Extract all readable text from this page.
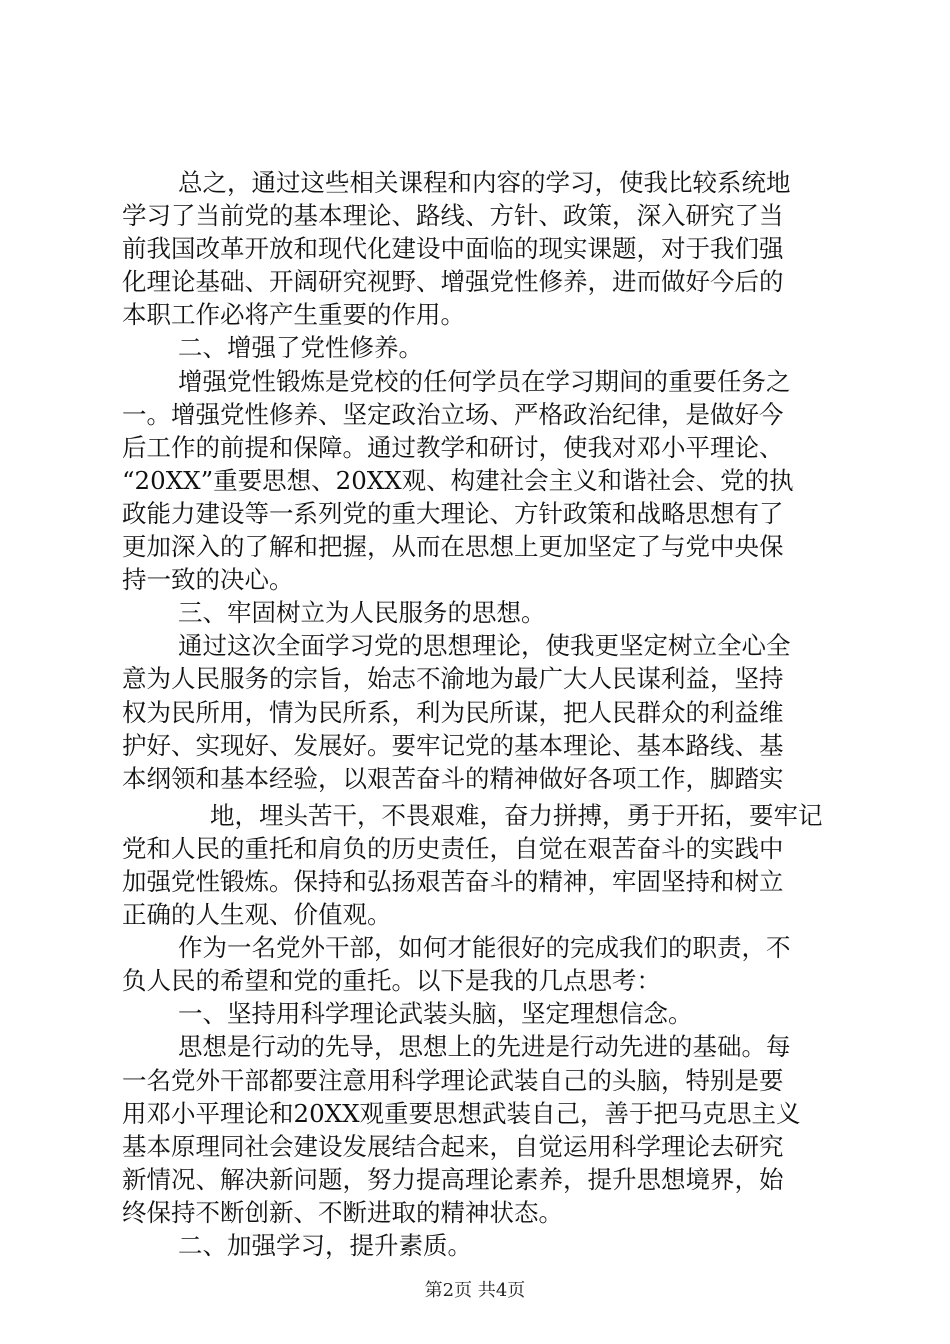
总之，通过这些相关课程和内容的学习，使我比较系统地
学习了当前党的基本理论、路线、方针、政策，深入研究了当
前我国改革开放和现代化建设中面临的现实课题，对于我们强
化理论基础、开阔研究视野、增强党性修养，进而做好今后的
本职工作必将产生重要的作用。
二、增强了党性修养。
增强党性锻炼是党校的任何学员在学习期间的重要任务之
一。增强党性修养、坚定政治立场、严格政治纪律，是做好今
后工作的前提和保障。通过教学和研讨，使我对邓小平理论、
“20XX”重要思想、20XX观、构建社会主义和谐社会、党的执
政能力建设等一系列党的重大理论、方针政策和战略思想有了
更加深入的了解和把握，从而在思想上更加坚定了与党中央保
持一致的决心。
三、牢固树立为人民服务的思想。
通过这次全面学习党的思想理论，使我更坚定树立全心全
意为人民服务的宗旨，始志不渝地为最广大人民谋利益，坚持
权为民所用，情为民所系，利为民所谋，把人民群众的利益维
护好、实现好、发展好。要牢记党的基本理论、基本路线、基
本纲领和基本经验，以艰苦奋斗的精神做好各项工作，脚踏实
地，埋头苦干，不畏艰难，奋力拼搏，勇于开拓，要牢记
党和人民的重托和肩负的历史责任，自觉在艰苦奋斗的实践中
加强党性锻炼。保持和弘扬艰苦奋斗的精神，牢固坚持和树立
正确的人生观、价值观。
作为一名党外干部，如何才能很好的完成我们的职责，不
负人民的希望和党的重托。以下是我的几点思考：
一、坚持用科学理论武装头脑，坚定理想信念。
思想是行动的先导，思想上的先进是行动先进的基础。每
一名党外干部都要注意用科学理论武装自己的头脑，特别是要
用邓小平理论和20XX观重要思想武装自己，善于把马克思主义
基本原理同社会建设发展结合起来，自觉运用科学理论去研究
新情况、解决新问题，努力提高理论素养，提升思想境界，始
终保持不断创新、不断进取的精神状态。
二、加强学习，提升素质。
第2页 共4页
